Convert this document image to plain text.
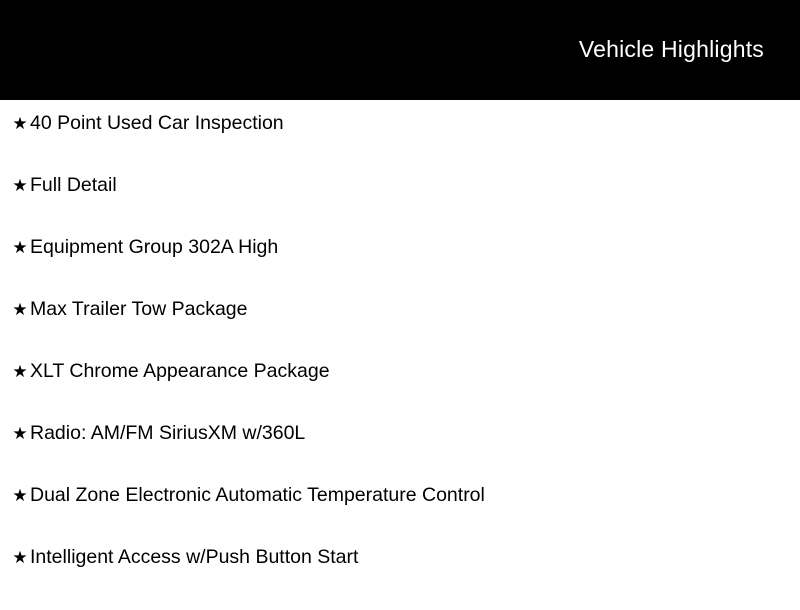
Vehicle Highlights
★ 40 Point Used Car Inspection
★ Full Detail
★ Equipment Group 302A High
★ Max Trailer Tow Package
★ XLT Chrome Appearance Package
★ Radio: AM/FM SiriusXM w/360L
★ Dual Zone Electronic Automatic Temperature Control
★ Intelligent Access w/Push Button Start
